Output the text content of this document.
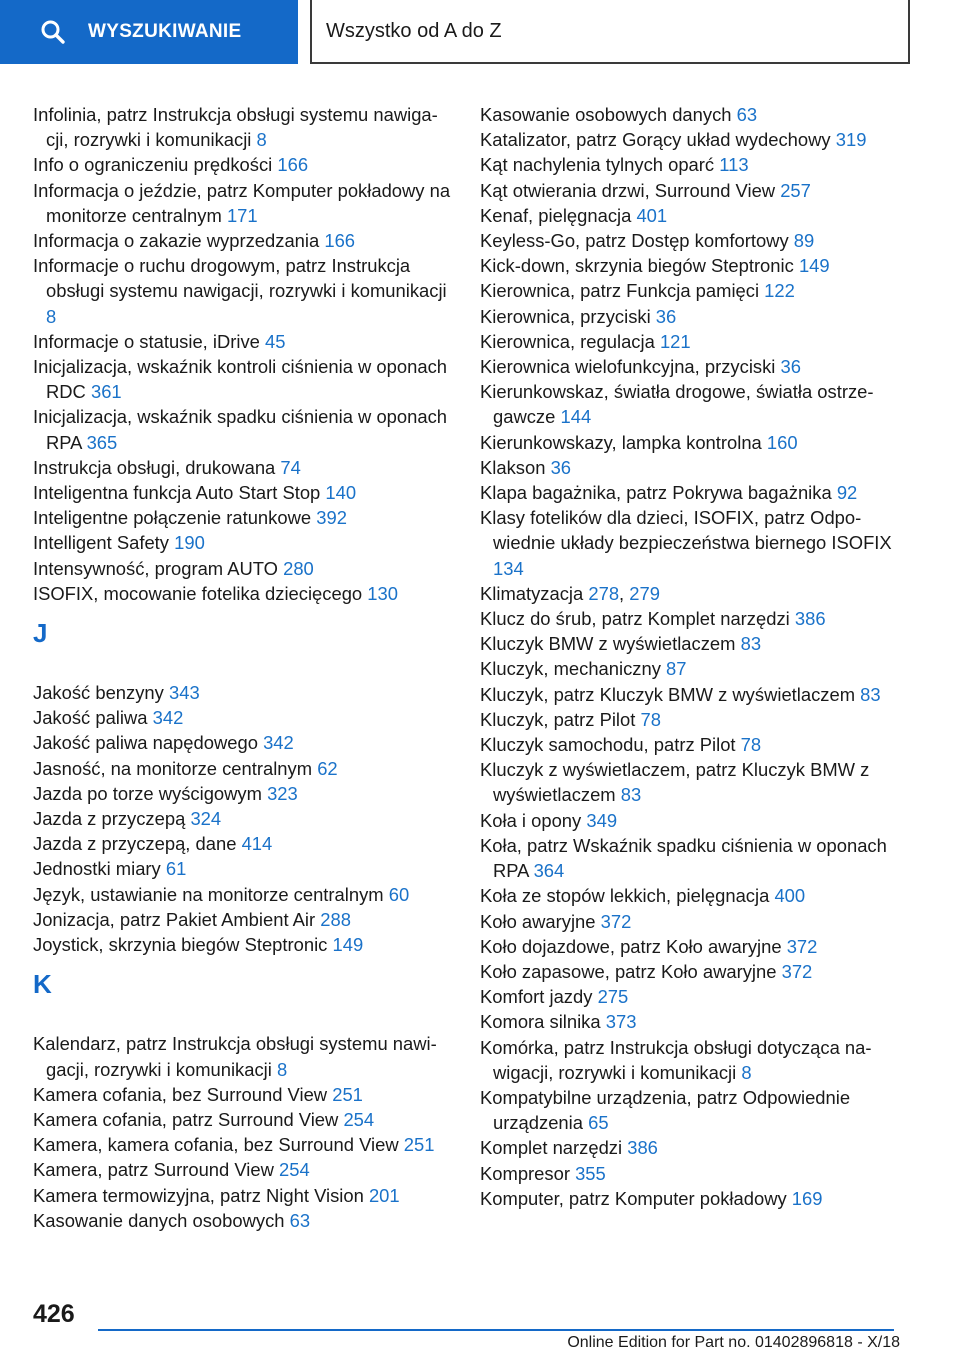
WYSZUKIWANIE	Wszystko od A do Z
Infolinia, patrz Instrukcja obsługi systemu nawigacji, rozrywki i komunikacji 8
Info o ograniczeniu prędkości 166
Informacja o jeździe, patrz Komputer pokładowy na monitorze centralnym 171
Informacja o zakazie wyprzedzania 166
Informacje o ruchu drogowym, patrz Instrukcja obsługi systemu nawigacji, rozrywki i komunikacji 8
Informacje o statusie, iDrive 45
Inicjalizacja, wskaźnik kontroli ciśnienia w oponach RDC 361
Inicjalizacja, wskaźnik spadku ciśnienia w oponach RPA 365
Instrukcja obsługi, drukowana 74
Inteligentna funkcja Auto Start Stop 140
Inteligentne połączenie ratunkowe 392
Intelligent Safety 190
Intensywność, program AUTO 280
ISOFIX, mocowanie fotelika dziecięcego 130
J
Jakość benzyny 343
Jakość paliwa 342
Jakość paliwa napędowego 342
Jasność, na monitorze centralnym 62
Jazda po torze wyścigowym 323
Jazda z przyczepą 324
Jazda z przyczepą, dane 414
Jednostki miary 61
Język, ustawianie na monitorze centralnym 60
Jonizacja, patrz Pakiet Ambient Air 288
Joystick, skrzynia biegów Steptronic 149
K
Kalendarz, patrz Instrukcja obsługi systemu nawigacji, rozrywki i komunikacji 8
Kamera cofania, bez Surround View 251
Kamera cofania, patrz Surround View 254
Kamera, kamera cofania, bez Surround View 251
Kamera, patrz Surround View 254
Kamera termowizyjna, patrz Night Vision 201
Kasowanie danych osobowych 63
Kasowanie osobowych danych 63
Katalizator, patrz Gorący układ wydechowy 319
Kąt nachylenia tylnych oparć 113
Kąt otwierania drzwi, Surround View 257
Kenaf, pielęgnacja 401
Keyless-Go, patrz Dostęp komfortowy 89
Kick-down, skrzynia biegów Steptronic 149
Kierownica, patrz Funkcja pamięci 122
Kierownica, przyciski 36
Kierownica, regulacja 121
Kierownica wielofunkcyjna, przyciski 36
Kierunkowskaz, światła drogowe, światła ostrzegawcze 144
Kierunkowskazy, lampka kontrolna 160
Klakson 36
Klapa bagażnika, patrz Pokrywa bagażnika 92
Klasy fotelików dla dzieci, ISOFIX, patrz Odpowiednie układy bezpieczeństwa biernego ISOFIX 134
Klimatyzacja 278, 279
Klucz do śrub, patrz Komplet narzędzi 386
Kluczyk BMW z wyświetlaczem 83
Kluczyk, mechaniczny 87
Kluczyk, patrz Kluczyk BMW z wyświetlaczem 83
Kluczyk, patrz Pilot 78
Kluczyk samochodu, patrz Pilot 78
Kluczyk z wyświetlaczem, patrz Kluczyk BMW z wyświetlaczem 83
Koła i opony 349
Koła, patrz Wskaźnik spadku ciśnienia w oponach RPA 364
Koła ze stopów lekkich, pielęgnacja 400
Koło awaryjne 372
Koło dojazdowe, patrz Koło awaryjne 372
Koło zapasowe, patrz Koło awaryjne 372
Komfort jazdy 275
Komora silnika 373
Komórka, patrz Instrukcja obsługi dotycząca nawigacji, rozrywki i komunikacji 8
Kompatybilne urządzenia, patrz Odpowiednie urządzenia 65
Komplet narzędzi 386
Kompresor 355
Komputer, patrz Komputer pokładowy 169
426
Online Edition for Part no. 01402896818 - X/18
